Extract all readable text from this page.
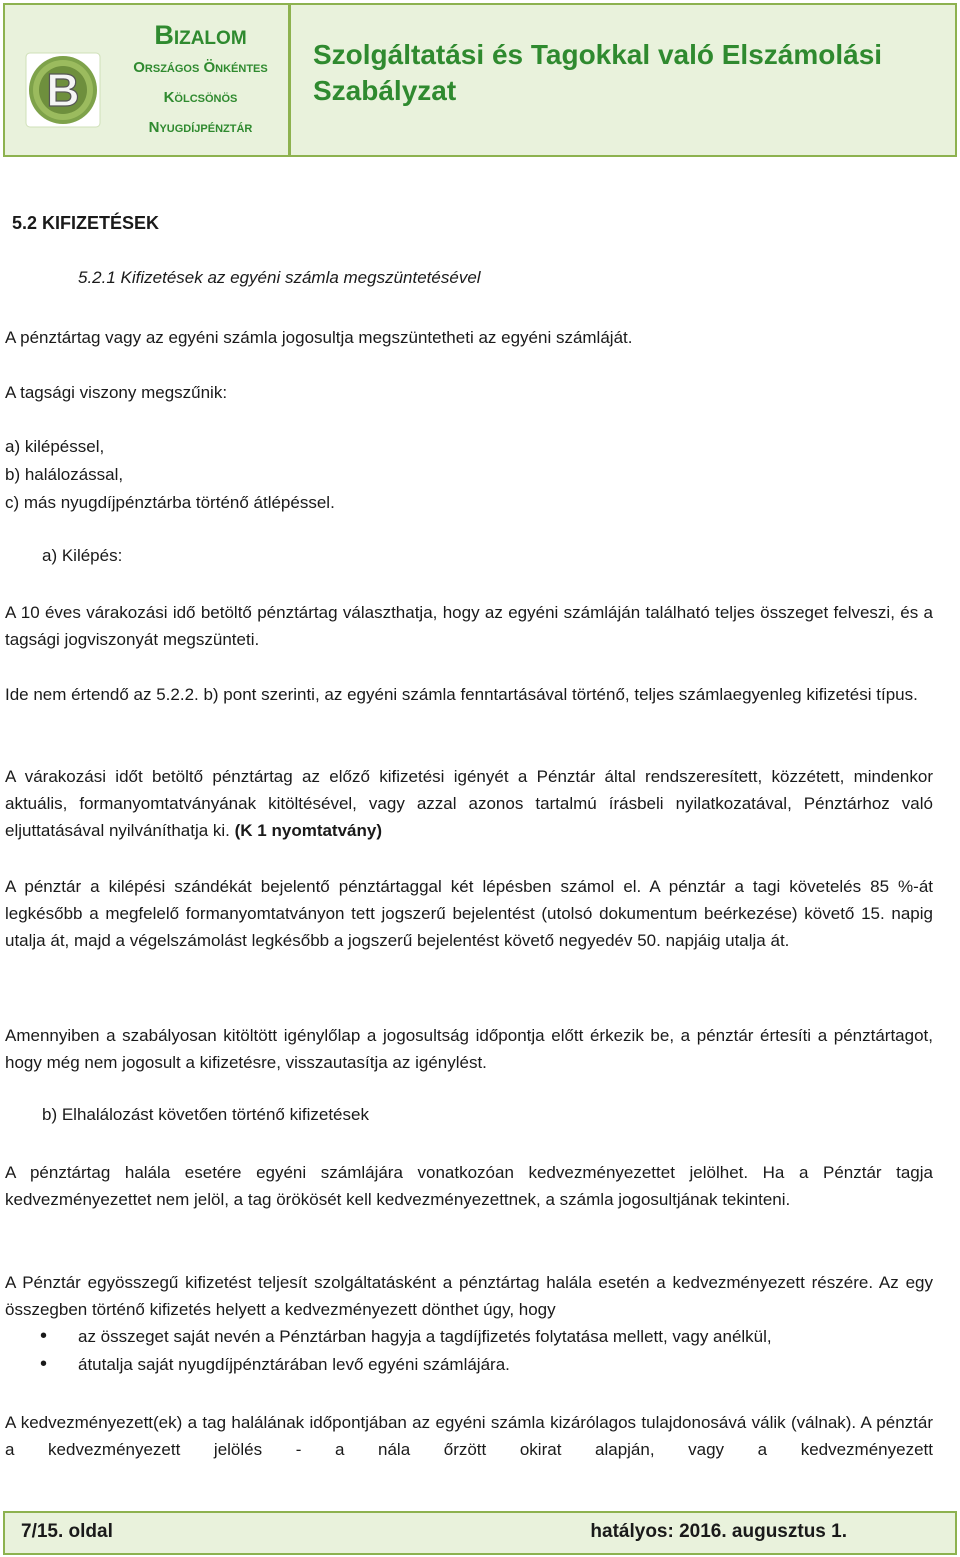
B
Bizalom
Országos Önkéntes
Kölcsönös
Nyugdíjpénztár
Szolgáltatási és Tagokkal való Elszámolási Szabályzat
5.2 KIFIZETÉSEK
5.2.1 Kifizetések az egyéni számla megszüntetésével

A pénztártag vagy az egyéni számla jogosultja megszüntetheti az egyéni számláját.

A tagsági viszony megszűnik:

a) kilépéssel,

b) halálozással,

c) más nyugdíjpénztárba történő átlépéssel.

a) Kilépés:

A 10 éves várakozási idő betöltő pénztártag választhatja, hogy az egyéni számláján található teljes összeget felveszi, és a tagsági jogviszonyát megszünteti.

Ide nem értendő az 5.2.2. b) pont szerinti, az egyéni számla fenntartásával történő, teljes számlaegyenleg kifizetési típus.

A várakozási időt betöltő pénztártag az előző kifizetési igényét a Pénztár által rendszeresített, közzétett, mindenkor aktuális, formanyomtatványának kitöltésével, vagy azzal azonos tartalmú írásbeli nyilatkozatával, Pénztárhoz való eljuttatásával nyilváníthatja ki. (K 1 nyomtatvány)

A pénztár a kilépési szándékát bejelentő pénztártaggal két lépésben számol el. A pénztár a tagi követelés 85 %-át legkésőbb a megfelelő formanyomtatványon tett jogszerű bejelentést (utolsó dokumentum beérkezése) követő 15. napig utalja át, majd a végelszámolást legkésőbb a jogszerű bejelentést követő negyedév 50. napjáig utalja át.

Amennyiben a szabályosan kitöltött igénylőlap a jogosultság időpontja előtt érkezik be, a pénztár értesíti a pénztártagot, hogy még nem jogosult a kifizetésre, visszautasítja az igénylést.

b) Elhalálozást követően történő kifizetések

A pénztártag halála esetére egyéni számlájára vonatkozóan kedvezményezettet jelölhet. Ha a Pénztár tagja kedvezményezettet nem jelöl, a tag örökösét kell kedvezményezettnek, a számla jogosultjának tekinteni.

A Pénztár egyösszegű kifizetést teljesít szolgáltatásként a pénztártag halála esetén a kedvezményezett részére. Az egy összegben történő kifizetés helyett a kedvezményezett dönthet úgy, hogy

• az összeget saját nevén a Pénztárban hagyja a tagdíjfizetés folytatása mellett, vagy anélkül,
• átutalja saját nyugdíjpénztárában levő egyéni számlájára.

A kedvezményezett(ek) a tag halálának időpontjában az egyéni számla kizárólagos tulajdonosává válik (válnak). A pénztár a kedvezményezett jelölés - a nála őrzött okirat alapján, vagy a kedvezményezett

7/15. oldal	hatályos: 2016. augusztus 1.
